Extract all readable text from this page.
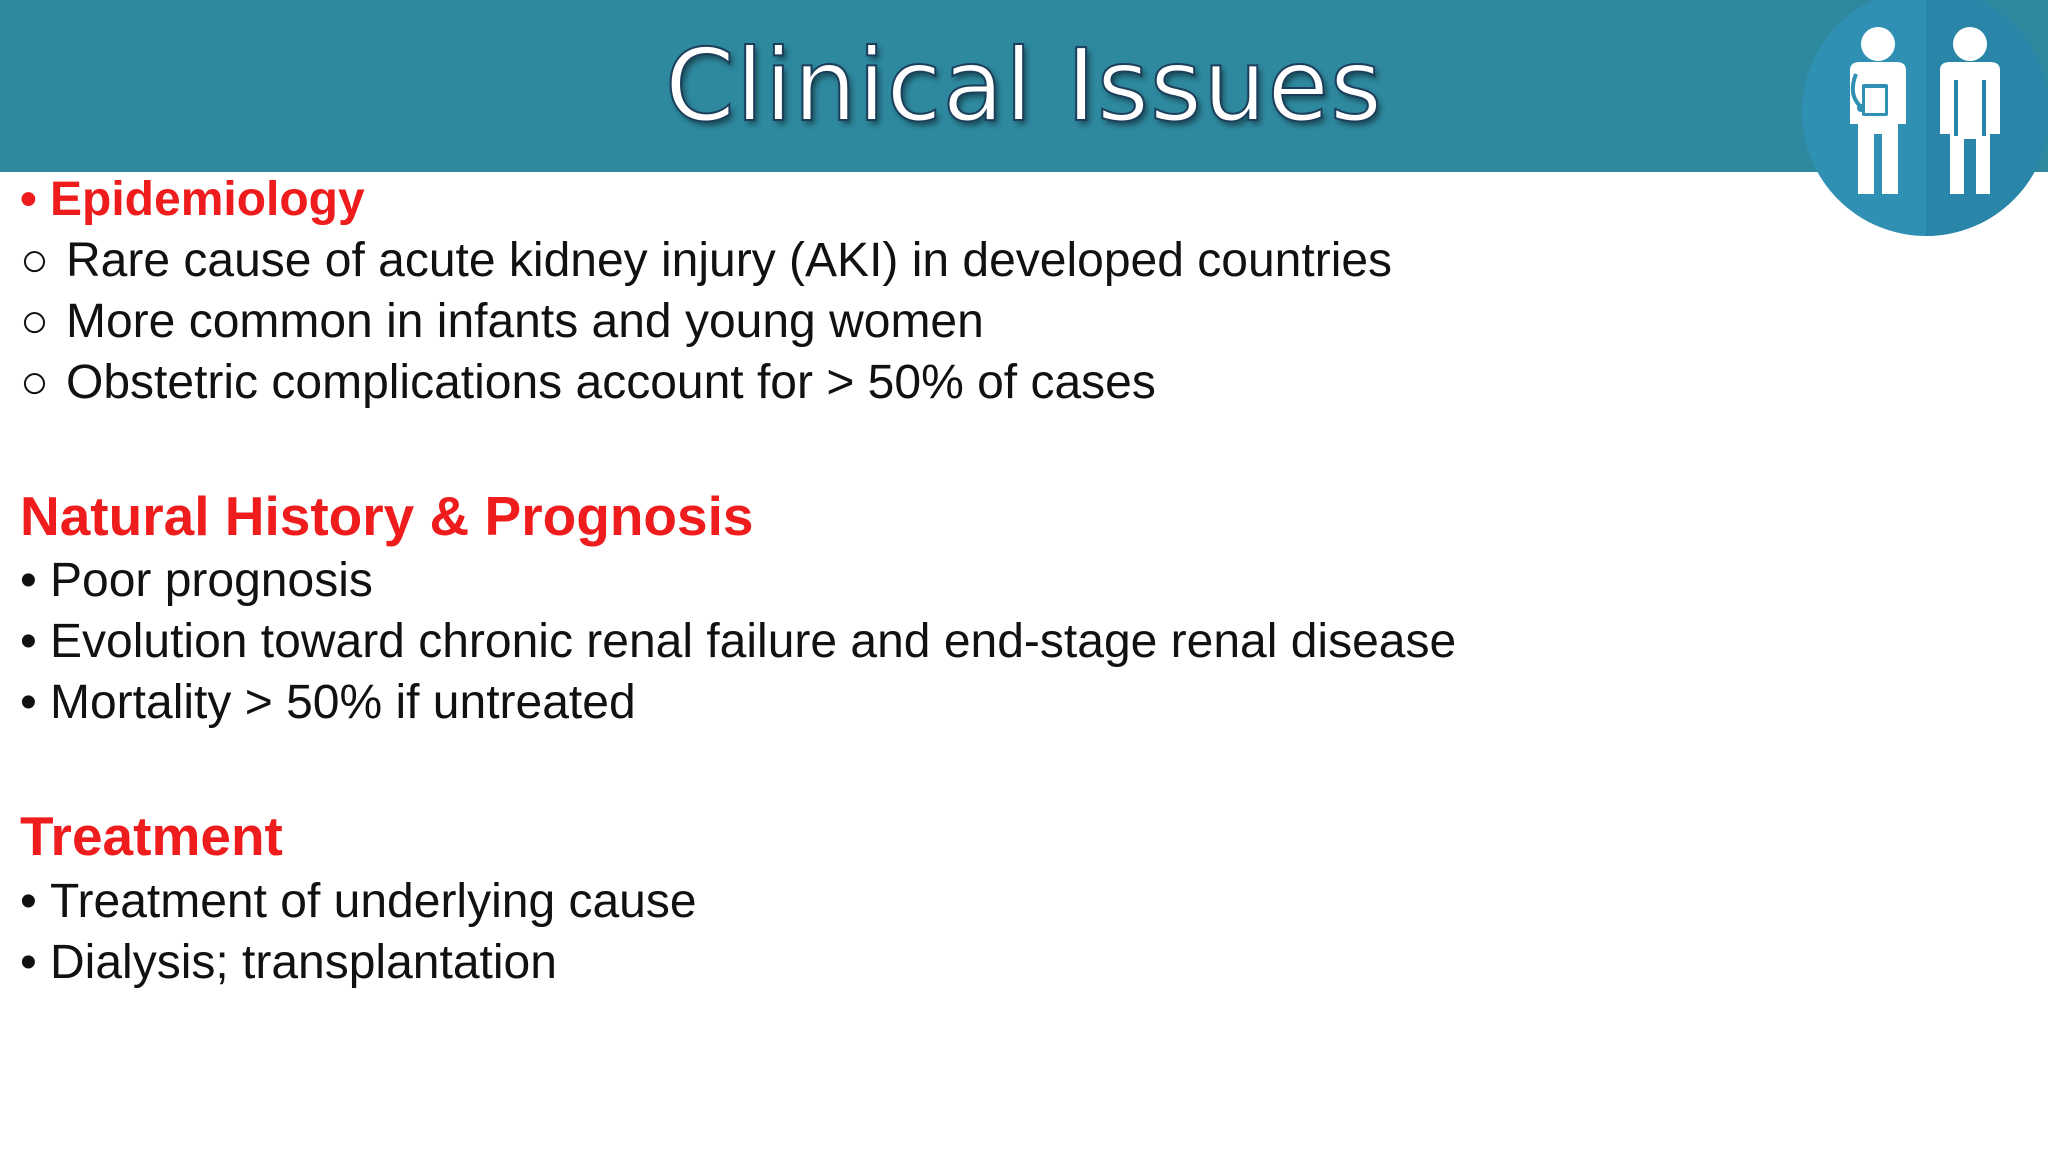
Clinical Issues
• Epidemiology
○ Rare cause of acute kidney injury (AKI) in developed countries
○ More common in infants and young women
○ Obstetric complications account for > 50% of cases
Natural History & Prognosis
• Poor prognosis
• Evolution toward chronic renal failure and end-stage renal disease
• Mortality > 50% if untreated
Treatment
• Treatment of underlying cause
• Dialysis; transplantation
